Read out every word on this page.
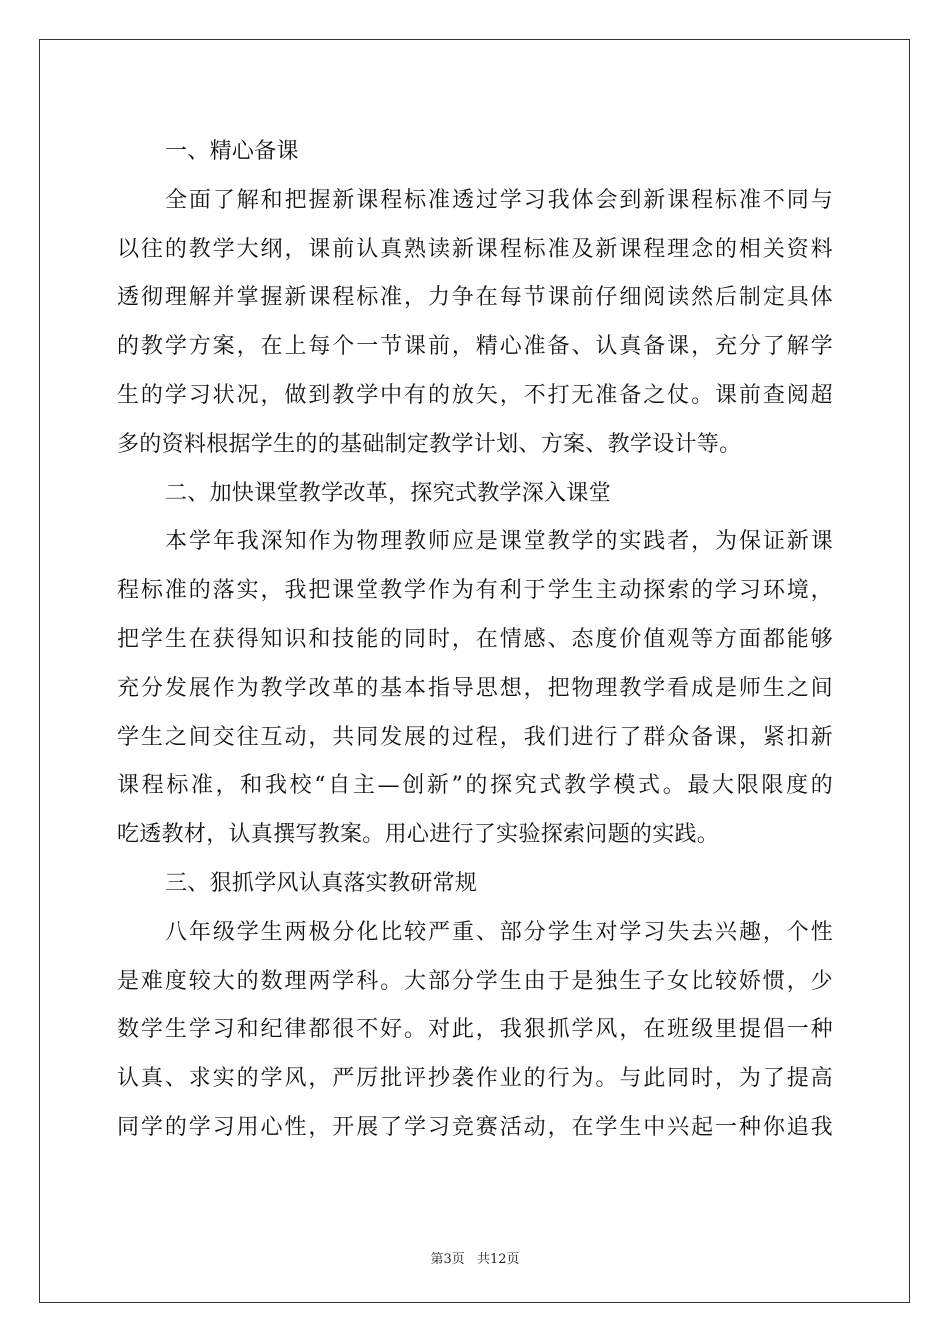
一、精心备课
全面了解和把握新课程标准透过学习我体会到新课程标准不同与
以往的教学大纲，课前认真熟读新课程标准及新课程理念的相关资料
透彻理解并掌握新课程标准，力争在每节课前仔细阅读然后制定具体
的教学方案，在上每个一节课前，精心准备、认真备课，充分了解学
生的学习状况，做到教学中有的放矢，不打无准备之仗。课前查阅超
多的资料根据学生的的基础制定教学计划、方案、教学设计等。
二、加快课堂教学改革，探究式教学深入课堂
本学年我深知作为物理教师应是课堂教学的实践者，为保证新课
程标准的落实，我把课堂教学作为有利于学生主动探索的学习环境，
把学生在获得知识和技能的同时，在情感、态度价值观等方面都能够
充分发展作为教学改革的基本指导思想，把物理教学看成是师生之间
学生之间交往互动，共同发展的过程，我们进行了群众备课，紧扣新
课程标准，和我校“自主—创新”的探究式教学模式。最大限限度的
吃透教材，认真撰写教案。用心进行了实验探索问题的实践。
三、狠抓学风认真落实教研常规
八年级学生两极分化比较严重、部分学生对学习失去兴趣，个性
是难度较大的数理两学科。大部分学生由于是独生子女比较娇惯，少
数学生学习和纪律都很不好。对此，我狠抓学风，在班级里提倡一种
认真、求实的学风，严厉批评抄袭作业的行为。与此同时，为了提高
同学的学习用心性，开展了学习竞赛活动，在学生中兴起一种你追我
第3页 共12页
